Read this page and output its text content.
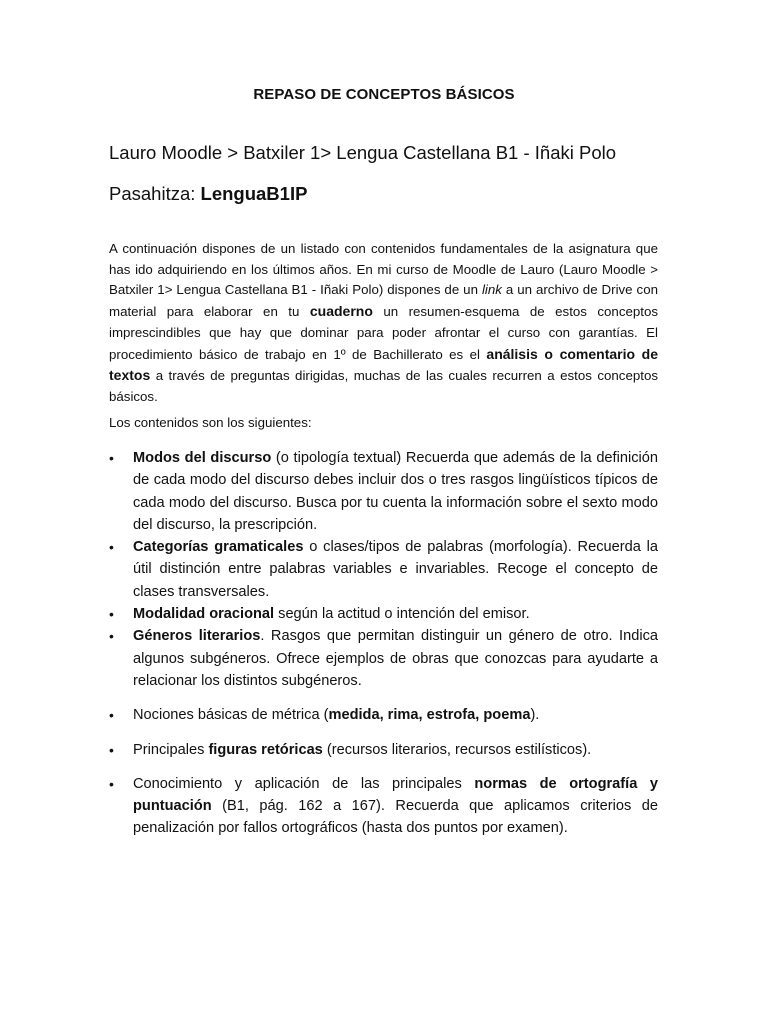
REPASO DE CONCEPTOS BÁSICOS
Lauro Moodle > Batxiler 1> Lengua Castellana B1 - Iñaki Polo
Pasahitza: LenguaB1IP
A continuación dispones de un listado con contenidos fundamentales de la asignatura que has ido adquiriendo en los últimos años. En mi curso de Moodle de Lauro (Lauro Moodle > Batxiler 1> Lengua Castellana B1 - Iñaki Polo) dispones de un link a un archivo de Drive con material para elaborar en tu cuaderno un resumen-esquema de estos conceptos imprescindibles que hay que dominar para poder afrontar el curso con garantías. El procedimiento básico de trabajo en 1º de Bachillerato es el análisis o comentario de textos a través de preguntas dirigidas, muchas de las cuales recurren a estos conceptos básicos.
Los contenidos son los siguientes:
• Modos del discurso (o tipología textual) Recuerda que además de la definición de cada modo del discurso debes incluir dos o tres rasgos lingüísticos típicos de cada modo del discurso. Busca por tu cuenta la información sobre el sexto modo del discurso, la prescripción.
• Categorías gramaticales o clases/tipos de palabras (morfología). Recuerda la útil distinción entre palabras variables e invariables. Recoge el concepto de clases transversales.
• Modalidad oracional según la actitud o intención del emisor.
• Géneros literarios. Rasgos que permitan distinguir un género de otro. Indica algunos subgéneros. Ofrece ejemplos de obras que conozcas para ayudarte a relacionar los distintos subgéneros.
• Nociones básicas de métrica (medida, rima, estrofa, poema).
• Principales figuras retóricas (recursos literarios, recursos estilísticos).
• Conocimiento y aplicación de las principales normas de ortografía y puntuación (B1, pág. 162 a 167). Recuerda que aplicamos criterios de penalización por fallos ortográficos (hasta dos puntos por examen).
